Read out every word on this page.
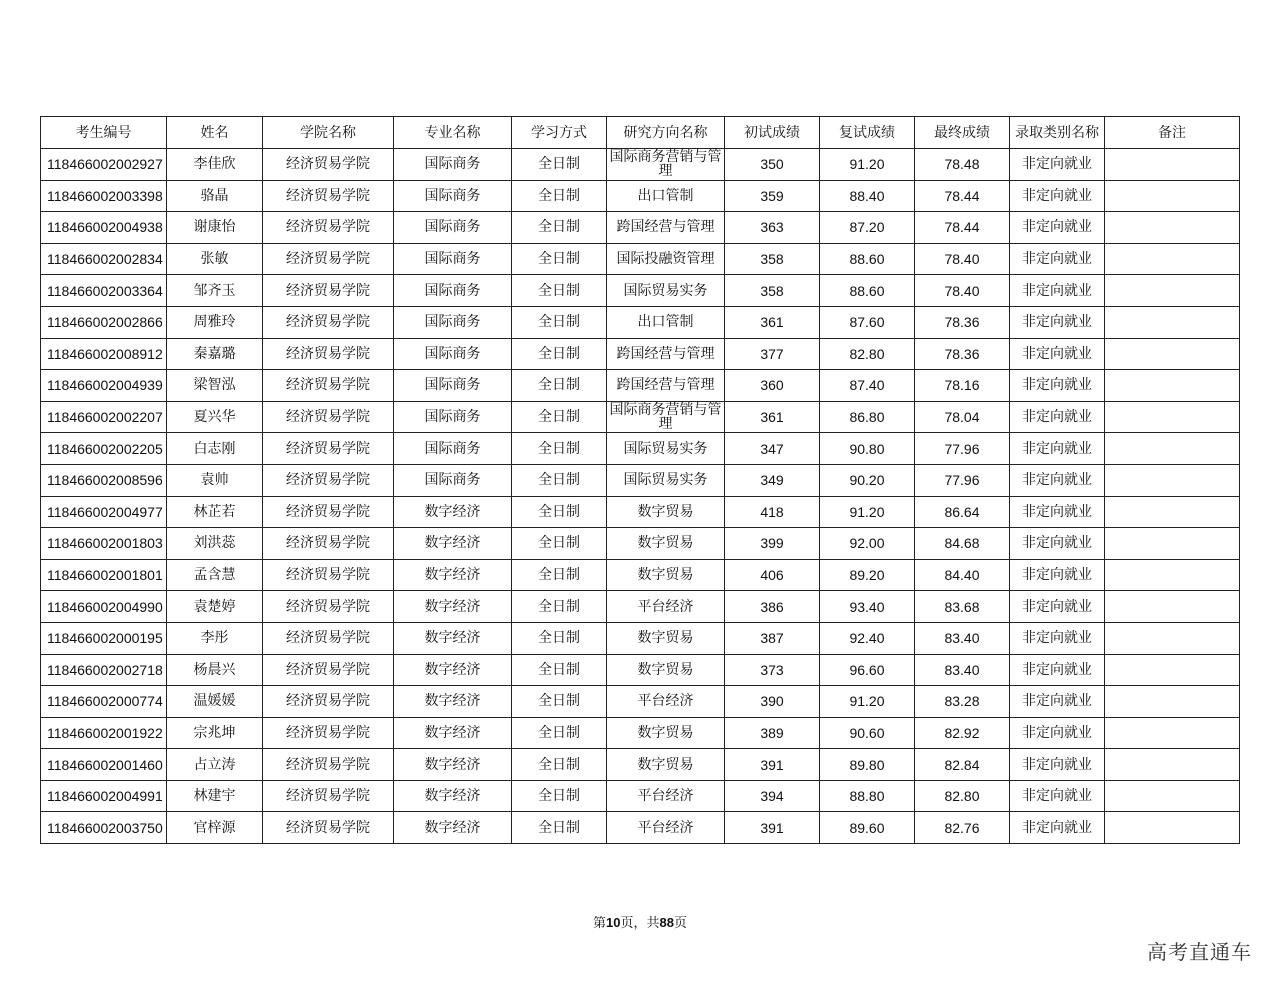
考生编号	姓名	学院名称	专业名称	学习方式	研究方向名称	初试成绩	复试成绩	最终成绩	录取类别名称	备注
118466002002927	李佳欣	经济贸易学院	国际商务	全日制	国际商务营销与管理	350	91.20	78.48	非定向就业	
118466002003398	骆晶	经济贸易学院	国际商务	全日制	出口管制	359	88.40	78.44	非定向就业	
118466002004938	谢康怡	经济贸易学院	国际商务	全日制	跨国经营与管理	363	87.20	78.44	非定向就业	
118466002002834	张敏	经济贸易学院	国际商务	全日制	国际投融资管理	358	88.60	78.40	非定向就业	
118466002003364	邹齐玉	经济贸易学院	国际商务	全日制	国际贸易实务	358	88.60	78.40	非定向就业	
118466002002866	周雅玲	经济贸易学院	国际商务	全日制	出口管制	361	87.60	78.36	非定向就业	
118466002008912	秦嘉璐	经济贸易学院	国际商务	全日制	跨国经营与管理	377	82.80	78.36	非定向就业	
118466002004939	梁智泓	经济贸易学院	国际商务	全日制	跨国经营与管理	360	87.40	78.16	非定向就业	
118466002002207	夏兴华	经济贸易学院	国际商务	全日制	国际商务营销与管理	361	86.80	78.04	非定向就业	
118466002002205	白志刚	经济贸易学院	国际商务	全日制	国际贸易实务	347	90.80	77.96	非定向就业	
118466002008596	袁帅	经济贸易学院	国际商务	全日制	国际贸易实务	349	90.20	77.96	非定向就业	
118466002004977	林芷若	经济贸易学院	数字经济	全日制	数字贸易	418	91.20	86.64	非定向就业	
118466002001803	刘洪蕊	经济贸易学院	数字经济	全日制	数字贸易	399	92.00	84.68	非定向就业	
118466002001801	孟含慧	经济贸易学院	数字经济	全日制	数字贸易	406	89.20	84.40	非定向就业	
118466002004990	袁楚婷	经济贸易学院	数字经济	全日制	平台经济	386	93.40	83.68	非定向就业	
118466002000195	李彤	经济贸易学院	数字经济	全日制	数字贸易	387	92.40	83.40	非定向就业	
118466002002718	杨晨兴	经济贸易学院	数字经济	全日制	数字贸易	373	96.60	83.40	非定向就业	
118466002000774	温媛媛	经济贸易学院	数字经济	全日制	平台经济	390	91.20	83.28	非定向就业	
118466002001922	宗兆坤	经济贸易学院	数字经济	全日制	数字贸易	389	90.60	82.92	非定向就业	
118466002001460	占立涛	经济贸易学院	数字经济	全日制	数字贸易	391	89.80	82.84	非定向就业	
118466002004991	林建宇	经济贸易学院	数字经济	全日制	平台经济	394	88.80	82.80	非定向就业	
118466002003750	官梓源	经济贸易学院	数字经济	全日制	平台经济	391	89.60	82.76	非定向就业	
第10页，共88页
高考直通车
